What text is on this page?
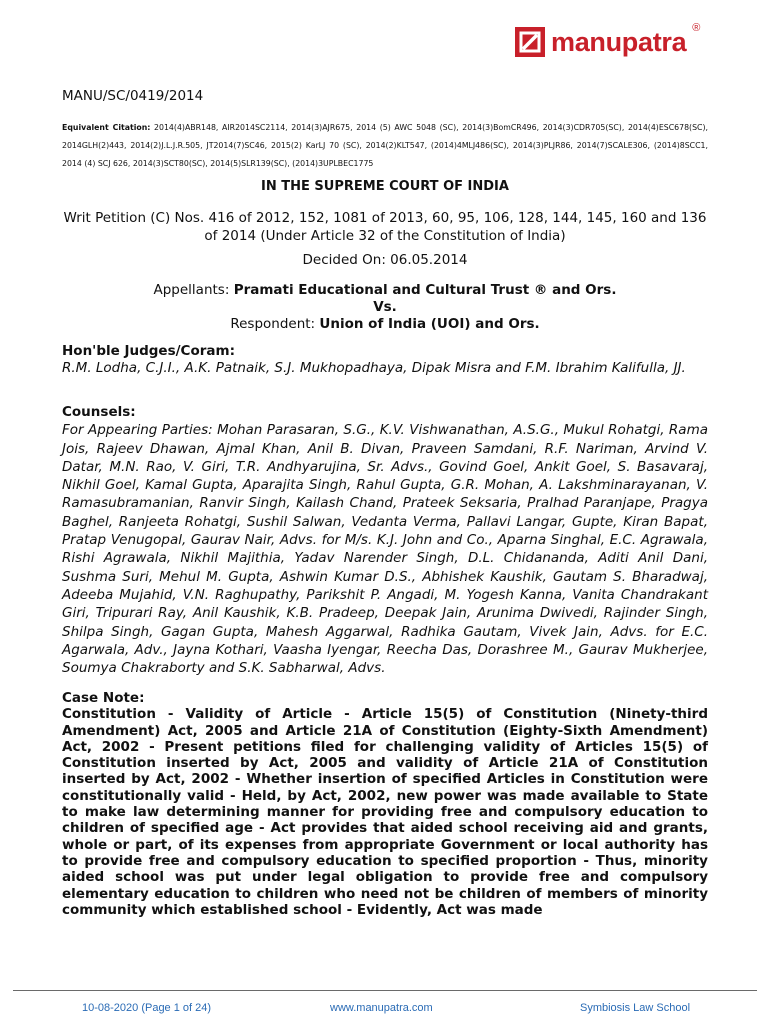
manupatra ®
MANU/SC/0419/2014
Equivalent Citation: 2014(4)ABR148, AIR2014SC2114, 2014(3)AJR675, 2014 (5) AWC 5048 (SC), 2014(3)BomCR496, 2014(3)CDR705(SC), 2014(4)ESC678(SC), 2014GLH(2)443, 2014(2)J.L.J.R.505, JT2014(7)SC46, 2015(2) KarLJ 70 (SC), 2014(2)KLT547, (2014)4MLJ486(SC), 2014(3)PLJR86, 2014(7)SCALE306, (2014)8SCC1, 2014 (4) SCJ 626, 2014(3)SCT80(SC), 2014(5)SLR139(SC), (2014)3UPLBEC1775
IN THE SUPREME COURT OF INDIA
Writ Petition (C) Nos. 416 of 2012, 152, 1081 of 2013, 60, 95, 106, 128, 144, 145, 160 and 136 of 2014 (Under Article 32 of the Constitution of India)
Decided On: 06.05.2014
Appellants: Pramati Educational and Cultural Trust ® and Ors.
Vs.
Respondent: Union of India (UOI) and Ors.
Hon'ble Judges/Coram:
R.M. Lodha, C.J.I., A.K. Patnaik, S.J. Mukhopadhaya, Dipak Misra and F.M. Ibrahim Kalifulla, JJ.
Counsels:
For Appearing Parties: Mohan Parasaran, S.G., K.V. Vishwanathan, A.S.G., Mukul Rohatgi, Rama Jois, Rajeev Dhawan, Ajmal Khan, Anil B. Divan, Praveen Samdani, R.F. Nariman, Arvind V. Datar, M.N. Rao, V. Giri, T.R. Andhyarujina, Sr. Advs., Govind Goel, Ankit Goel, S. Basavaraj, Nikhil Goel, Kamal Gupta, Aparajita Singh, Rahul Gupta, G.R. Mohan, A. Lakshminarayanan, V. Ramasubramanian, Ranvir Singh, Kailash Chand, Prateek Seksaria, Pralhad Paranjape, Pragya Baghel, Ranjeeta Rohatgi, Sushil Salwan, Vedanta Verma, Pallavi Langar, Gupte, Kiran Bapat, Pratap Venugopal, Gaurav Nair, Advs. for M/s. K.J. John and Co., Aparna Singhal, E.C. Agrawala, Rishi Agrawala, Nikhil Majithia, Yadav Narender Singh, D.L. Chidananda, Aditi Anil Dani, Sushma Suri, Mehul M. Gupta, Ashwin Kumar D.S., Abhishek Kaushik, Gautam S. Bharadwaj, Adeeba Mujahid, V.N. Raghupathy, Parikshit P. Angadi, M. Yogesh Kanna, Vanita Chandrakant Giri, Tripurari Ray, Anil Kaushik, K.B. Pradeep, Deepak Jain, Arunima Dwivedi, Rajinder Singh, Shilpa Singh, Gagan Gupta, Mahesh Aggarwal, Radhika Gautam, Vivek Jain, Advs. for E.C. Agarwala, Adv., Jayna Kothari, Vaasha Iyengar, Reecha Das, Dorashree M., Gaurav Mukherjee, Soumya Chakraborty and S.K. Sabharwal, Advs.
Case Note:
Constitution - Validity of Article - Article 15(5) of Constitution (Ninety-third Amendment) Act, 2005 and Article 21A of Constitution (Eighty-Sixth Amendment) Act, 2002 - Present petitions filed for challenging validity of Articles 15(5) of Constitution inserted by Act, 2005 and validity of Article 21A of Constitution inserted by Act, 2002 - Whether insertion of specified Articles in Constitution were constitutionally valid - Held, by Act, 2002, new power was made available to State to make law determining manner for providing free and compulsory education to children of specified age - Act provides that aided school receiving aid and grants, whole or part, of its expenses from appropriate Government or local authority has to provide free and compulsory education to specified proportion - Thus, minority aided school was put under legal obligation to provide free and compulsory elementary education to children who need not be children of members of minority community which established school - Evidently, Act was made
10-08-2020 (Page 1 of 24)	www.manupatra.com	Symbiosis Law School
